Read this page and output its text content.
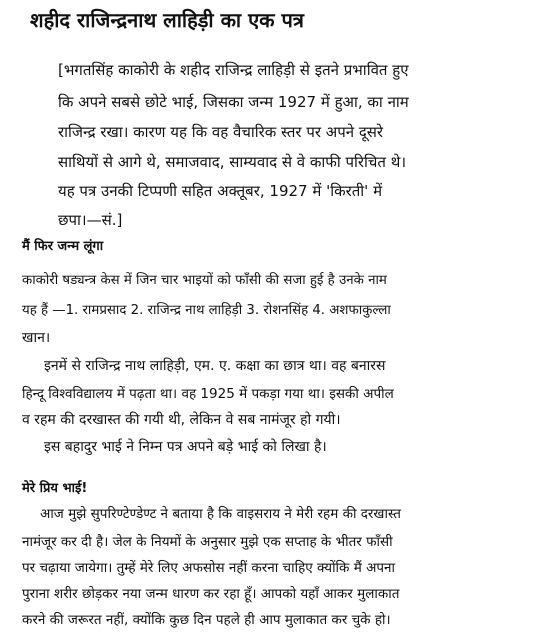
शहीद राजिन्द्रनाथ लाहिड़ी का एक पत्र

[भगतसिंह काकोरी के शहीद राजिन्द्र लाहिड़ी से इतने प्रभावित हुए

कि अपने सबसे छोटे भाई, जिसका जन्म 1927 में हुआ, का नाम

राजिन्द्र रखा। कारण यह कि वह वैचारिक स्तर पर अपने दूसरे

साथियों से आगे थे, समाजवाद, साम्यवाद से वे काफी परिचित थे।

यह पत्र उनकी टिप्पणी सहित अक्तूबर, 1927 में 'किरती' में

छपा।—सं.]

मैं फिर जन्म लूंगा

काकोरी षड्यन्त्र केस में जिन चार भाइयों को फाँसी की सजा हुई है उनके नाम

यह हैं —1. रामप्रसाद 2. राजिन्द्र नाथ लाहिड़ी 3. रोशनसिंह 4. अशफाकुल्ला

खान।

इनमें से राजिन्द्र नाथ लाहिड़ी, एम. ए. कक्षा का छात्र था। वह बनारस

हिन्दू विश्वविद्यालय में पढ़ता था। वह 1925 में पकड़ा गया था। इसकी अपील

व रहम की दरखास्त की गयी थी, लेकिन वे सब नामंजूर हो गयी।

इस बहादुर भाई ने निम्न पत्र अपने बड़े भाई को लिखा है।

मेरे प्रिय भाई!

आज मुझे सुपरिण्टेण्डेण्ट ने बताया है कि वाइसराय ने मेरी रहम की दरखास्त

नामंजूर कर दी है। जेल के नियमों के अनुसार मुझे एक सप्ताह के भीतर फाँसी

पर चढ़ाया जायेगा। तुम्हें मेरे लिए अफसोस नहीं करना चाहिए क्योंकि मैं अपना

पुराना शरीर छोड़कर नया जन्म धारण कर रहा हूँ। आपको यहाँ आकर मुलाकात

करने की जरूरत नहीं, क्योंकि कुछ दिन पहले ही आप मुलाकात कर चुके हो।
